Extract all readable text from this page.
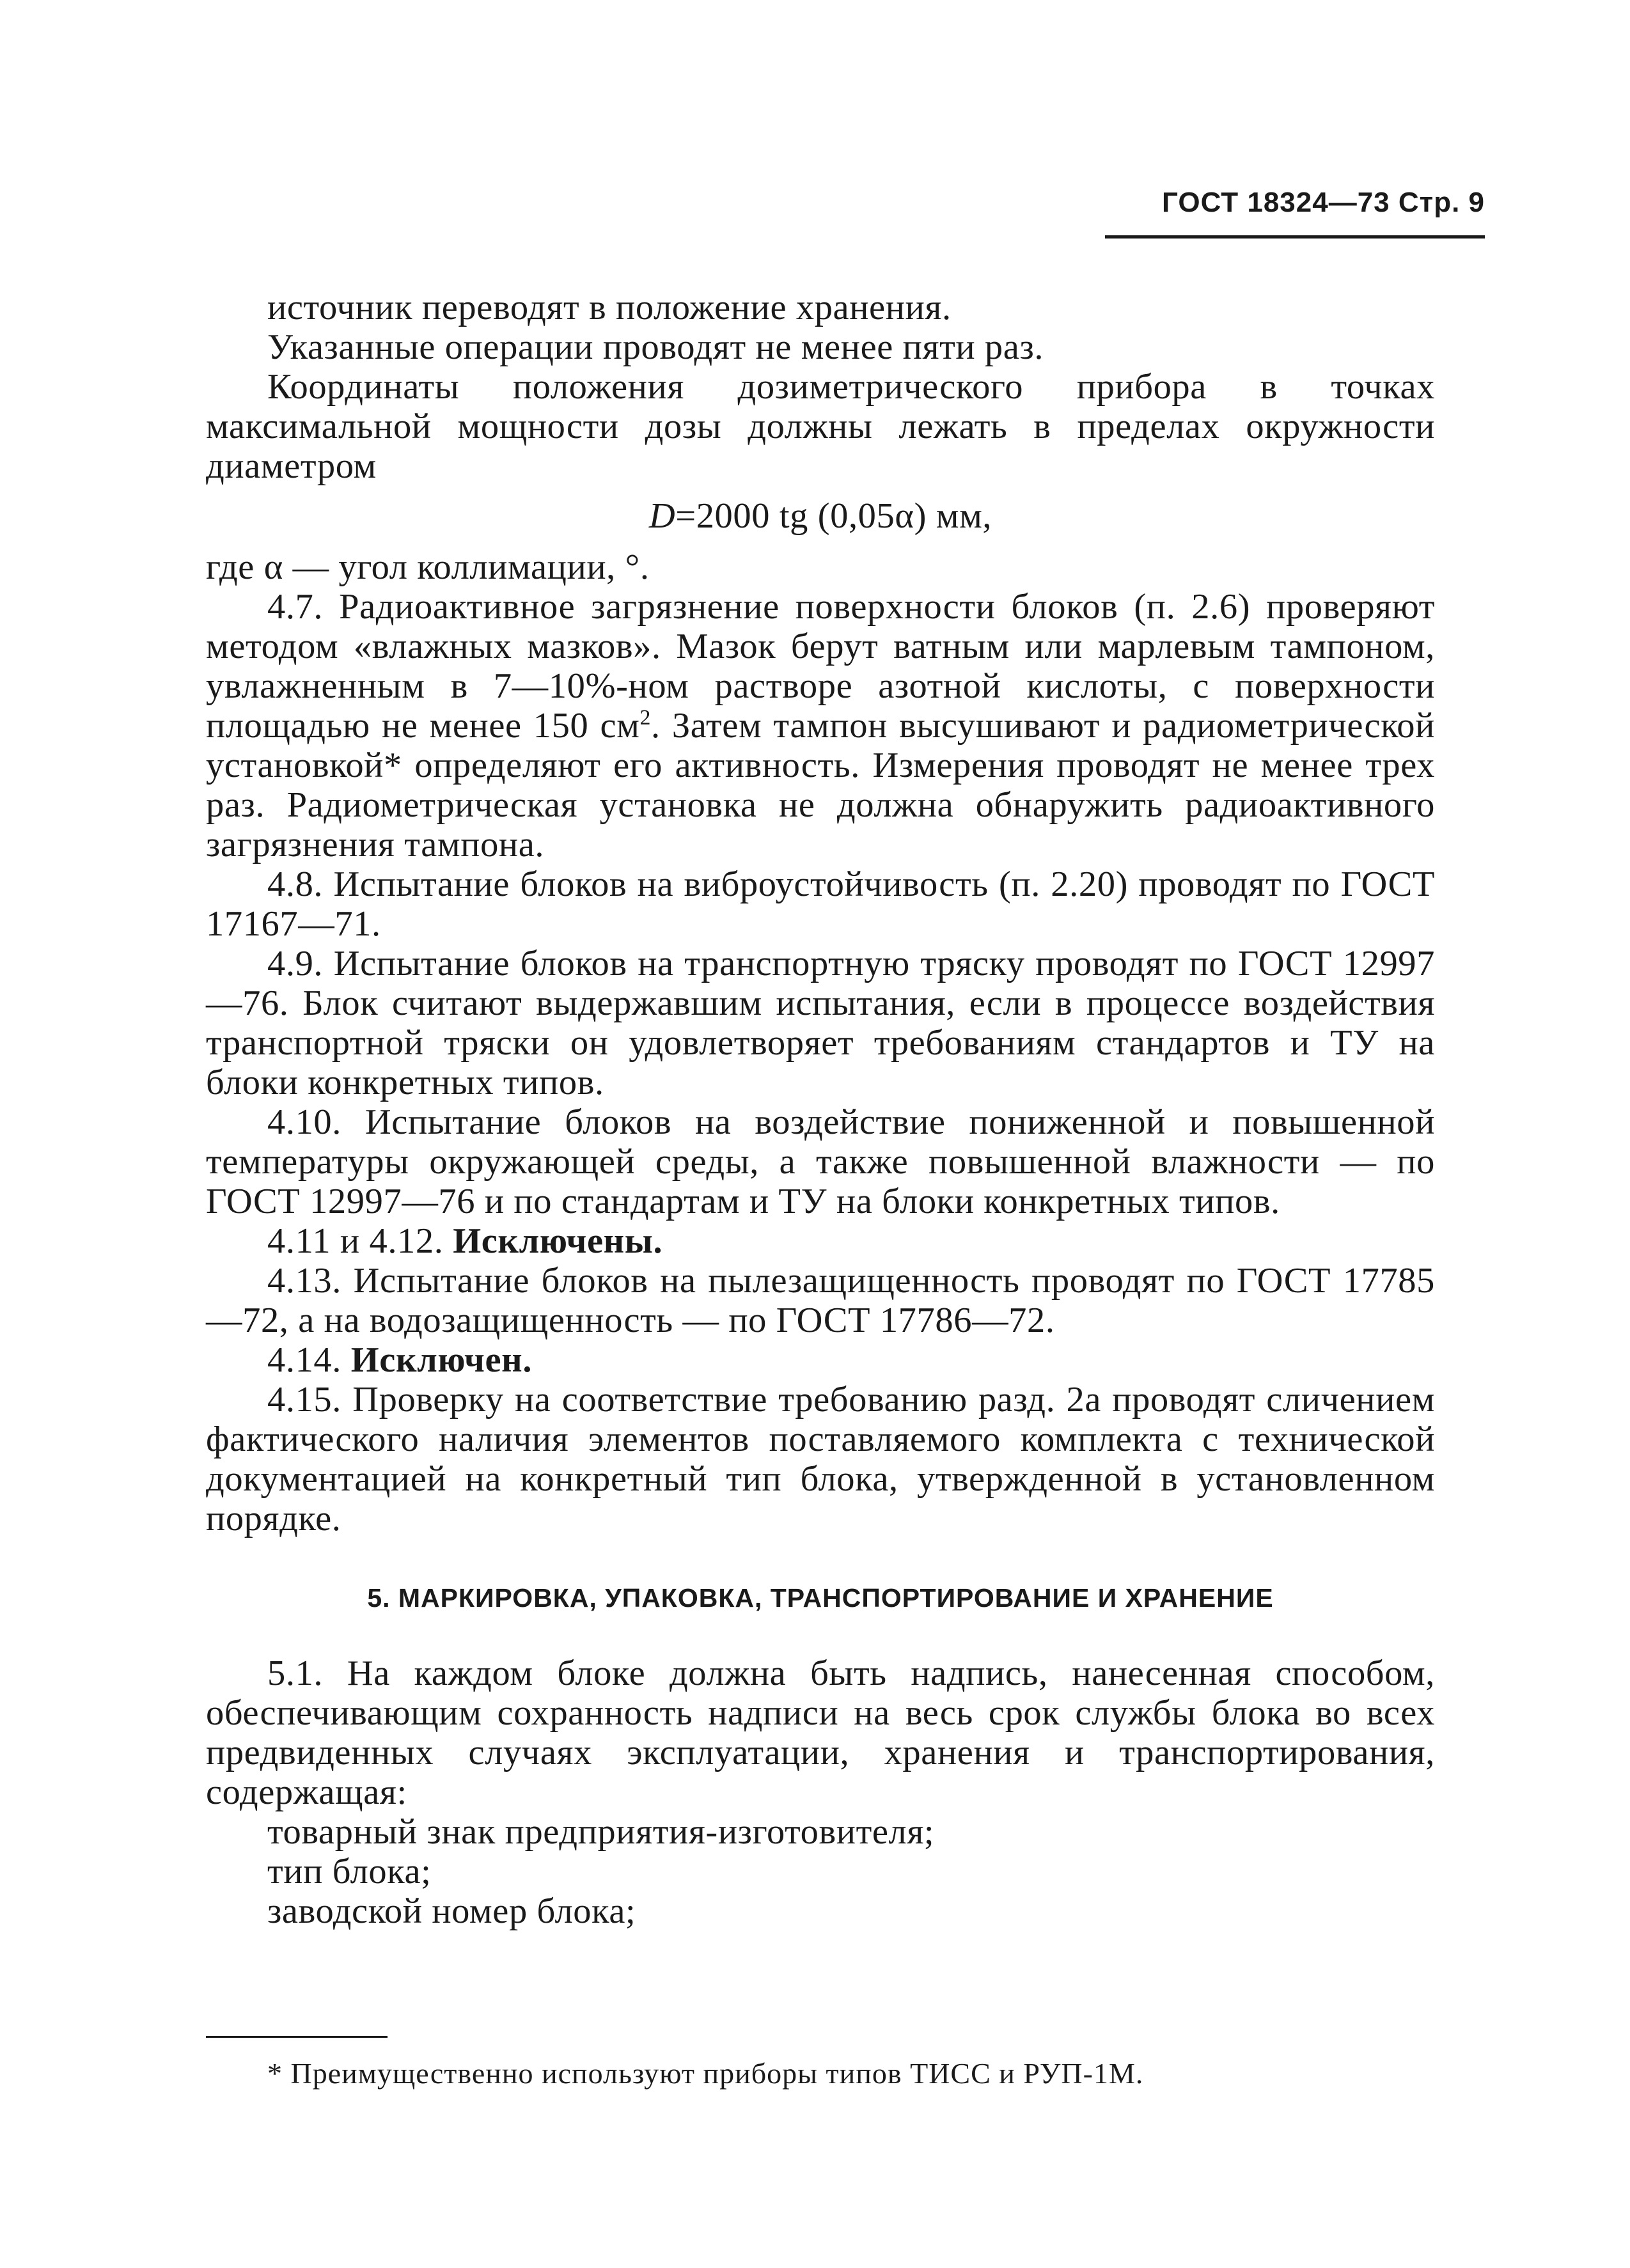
ГОСТ 18324—73 Стр. 9

источник переводят в положение хранения.

Указанные операции проводят не менее пяти раз.

Координаты положения дозиметрического прибора в точках максимальной мощности дозы должны лежать в пределах окружности диаметром

D=2000 tg (0,05α) мм,

где α — угол коллимации, °.

4.7. Радиоактивное загрязнение поверхности блоков (п. 2.6) проверяют методом «влажных мазков». Мазок берут ватным или марлевым тампоном, увлажненным в 7—10%-ном растворе азотной кислоты, с поверхности площадью не менее 150 $см^2$. Затем тампон высушивают и радиометрической установкой* определяют его активность. Измерения проводят не менее трех раз. Радиометрическая установка не должна обнаружить радиоактивного загрязнения тампона.

4.8. Испытание блоков на виброустойчивость (п. 2.20) проводят по ГОСТ 17167—71.

4.9. Испытание блоков на транспортную тряску проводят по ГОСТ 12997—76. Блок считают выдержавшим испытания, если в процессе воздействия транспортной тряски он удовлетворяет требованиям стандартов и ТУ на блоки конкретных типов.

4.10. Испытание блоков на воздействие пониженной и повышенной температуры окружающей среды, а также повышенной влажности — по ГОСТ 12997—76 и по стандартам и ТУ на блоки конкретных типов.

4.11 и 4.12. Исключены.

4.13. Испытание блоков на пылезащищенность проводят по ГОСТ 17785—72, а на водозащищенность — по ГОСТ 17786—72.

4.14. Исключен.

4.15. Проверку на соответствие требованию разд. 2а проводят сличением фактического наличия элементов поставляемого комплекта с технической документацией на конкретный тип блока, утвержденной в установленном порядке.

5. МАРКИРОВКА, УПАКОВКА, ТРАНСПОРТИРОВАНИЕ И ХРАНЕНИЕ

5.1. На каждом блоке должна быть надпись, нанесенная способом, обеспечивающим сохранность надписи на весь срок службы блока во всех предвиденных случаях эксплуатации, хранения и транспортирования, содержащая:

товарный знак предприятия-изготовителя;

тип блока;

заводской номер блока;

* Преимущественно используют приборы типов ТИСС и РУП-1М.
